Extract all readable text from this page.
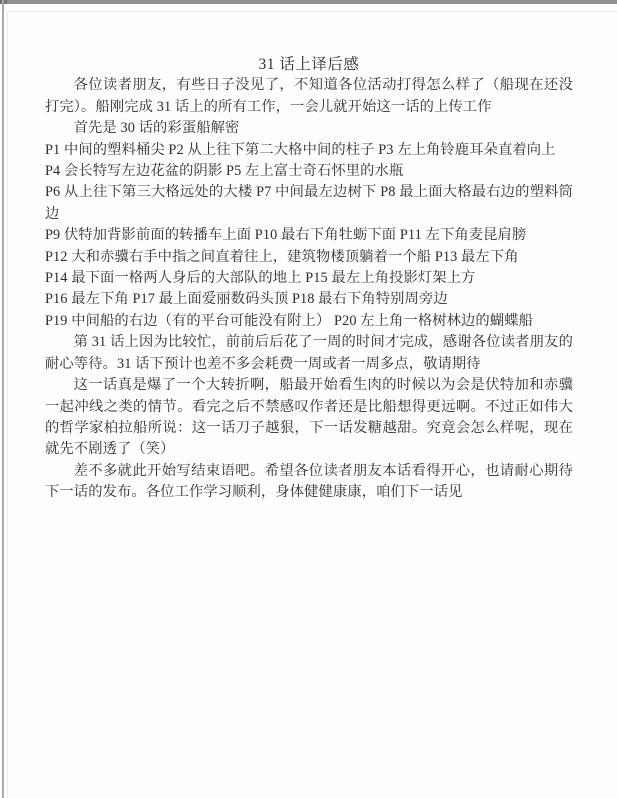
31 话上译后感

各位读者朋友，有些日子没见了，不知道各位活动打得怎么样了（船现在还没打完）。船刚完成 31 话上的所有工作，一会儿就开始这一话的上传工作

首先是 30 话的彩蛋船解密

P1 中间的塑料桶尖 P2 从上往下第二大格中间的柱子 P3 左上角铃鹿耳朵直着向上

P4 会长特写左边花盆的阴影 P5 左上富士奇石怀里的水瓶

P6 从上往下第三大格远处的大楼 P7 中间最左边树下 P8 最上面大格最右边的塑料筒边

P9 伏特加背影前面的转播车上面 P10 最右下角牡蛎下面 P11 左下角麦昆肩膀

P12 大和赤骥右手中指之间直着往上，建筑物楼顶躺着一个船 P13 最左下角

P14 最下面一格两人身后的大部队的地上 P15 最左上角投影灯架上方

P16 最左下角 P17 最上面爱丽数码头顶 P18 最右下角特别周旁边

P19 中间船的右边（有的平台可能没有附上） P20 左上角一格树林边的蝴蝶船

第 31 话上因为比较忙，前前后后花了一周的时间才完成，感谢各位读者朋友的耐心等待。31 话下预计也差不多会耗费一周或者一周多点，敬请期待

这一话真是爆了一个大转折啊，船最开始看生肉的时候以为会是伏特加和赤骥一起冲线之类的情节。看完之后不禁感叹作者还是比船想得更远啊。不过正如伟大的哲学家柏拉船所说：这一话刀子越狠，下一话发糖越甜。究竟会怎么样呢，现在就先不剧透了（笑）

差不多就此开始写结束语吧。希望各位读者朋友本话看得开心，也请耐心期待下一话的发布。各位工作学习顺利，身体健健康康，咱们下一话见
